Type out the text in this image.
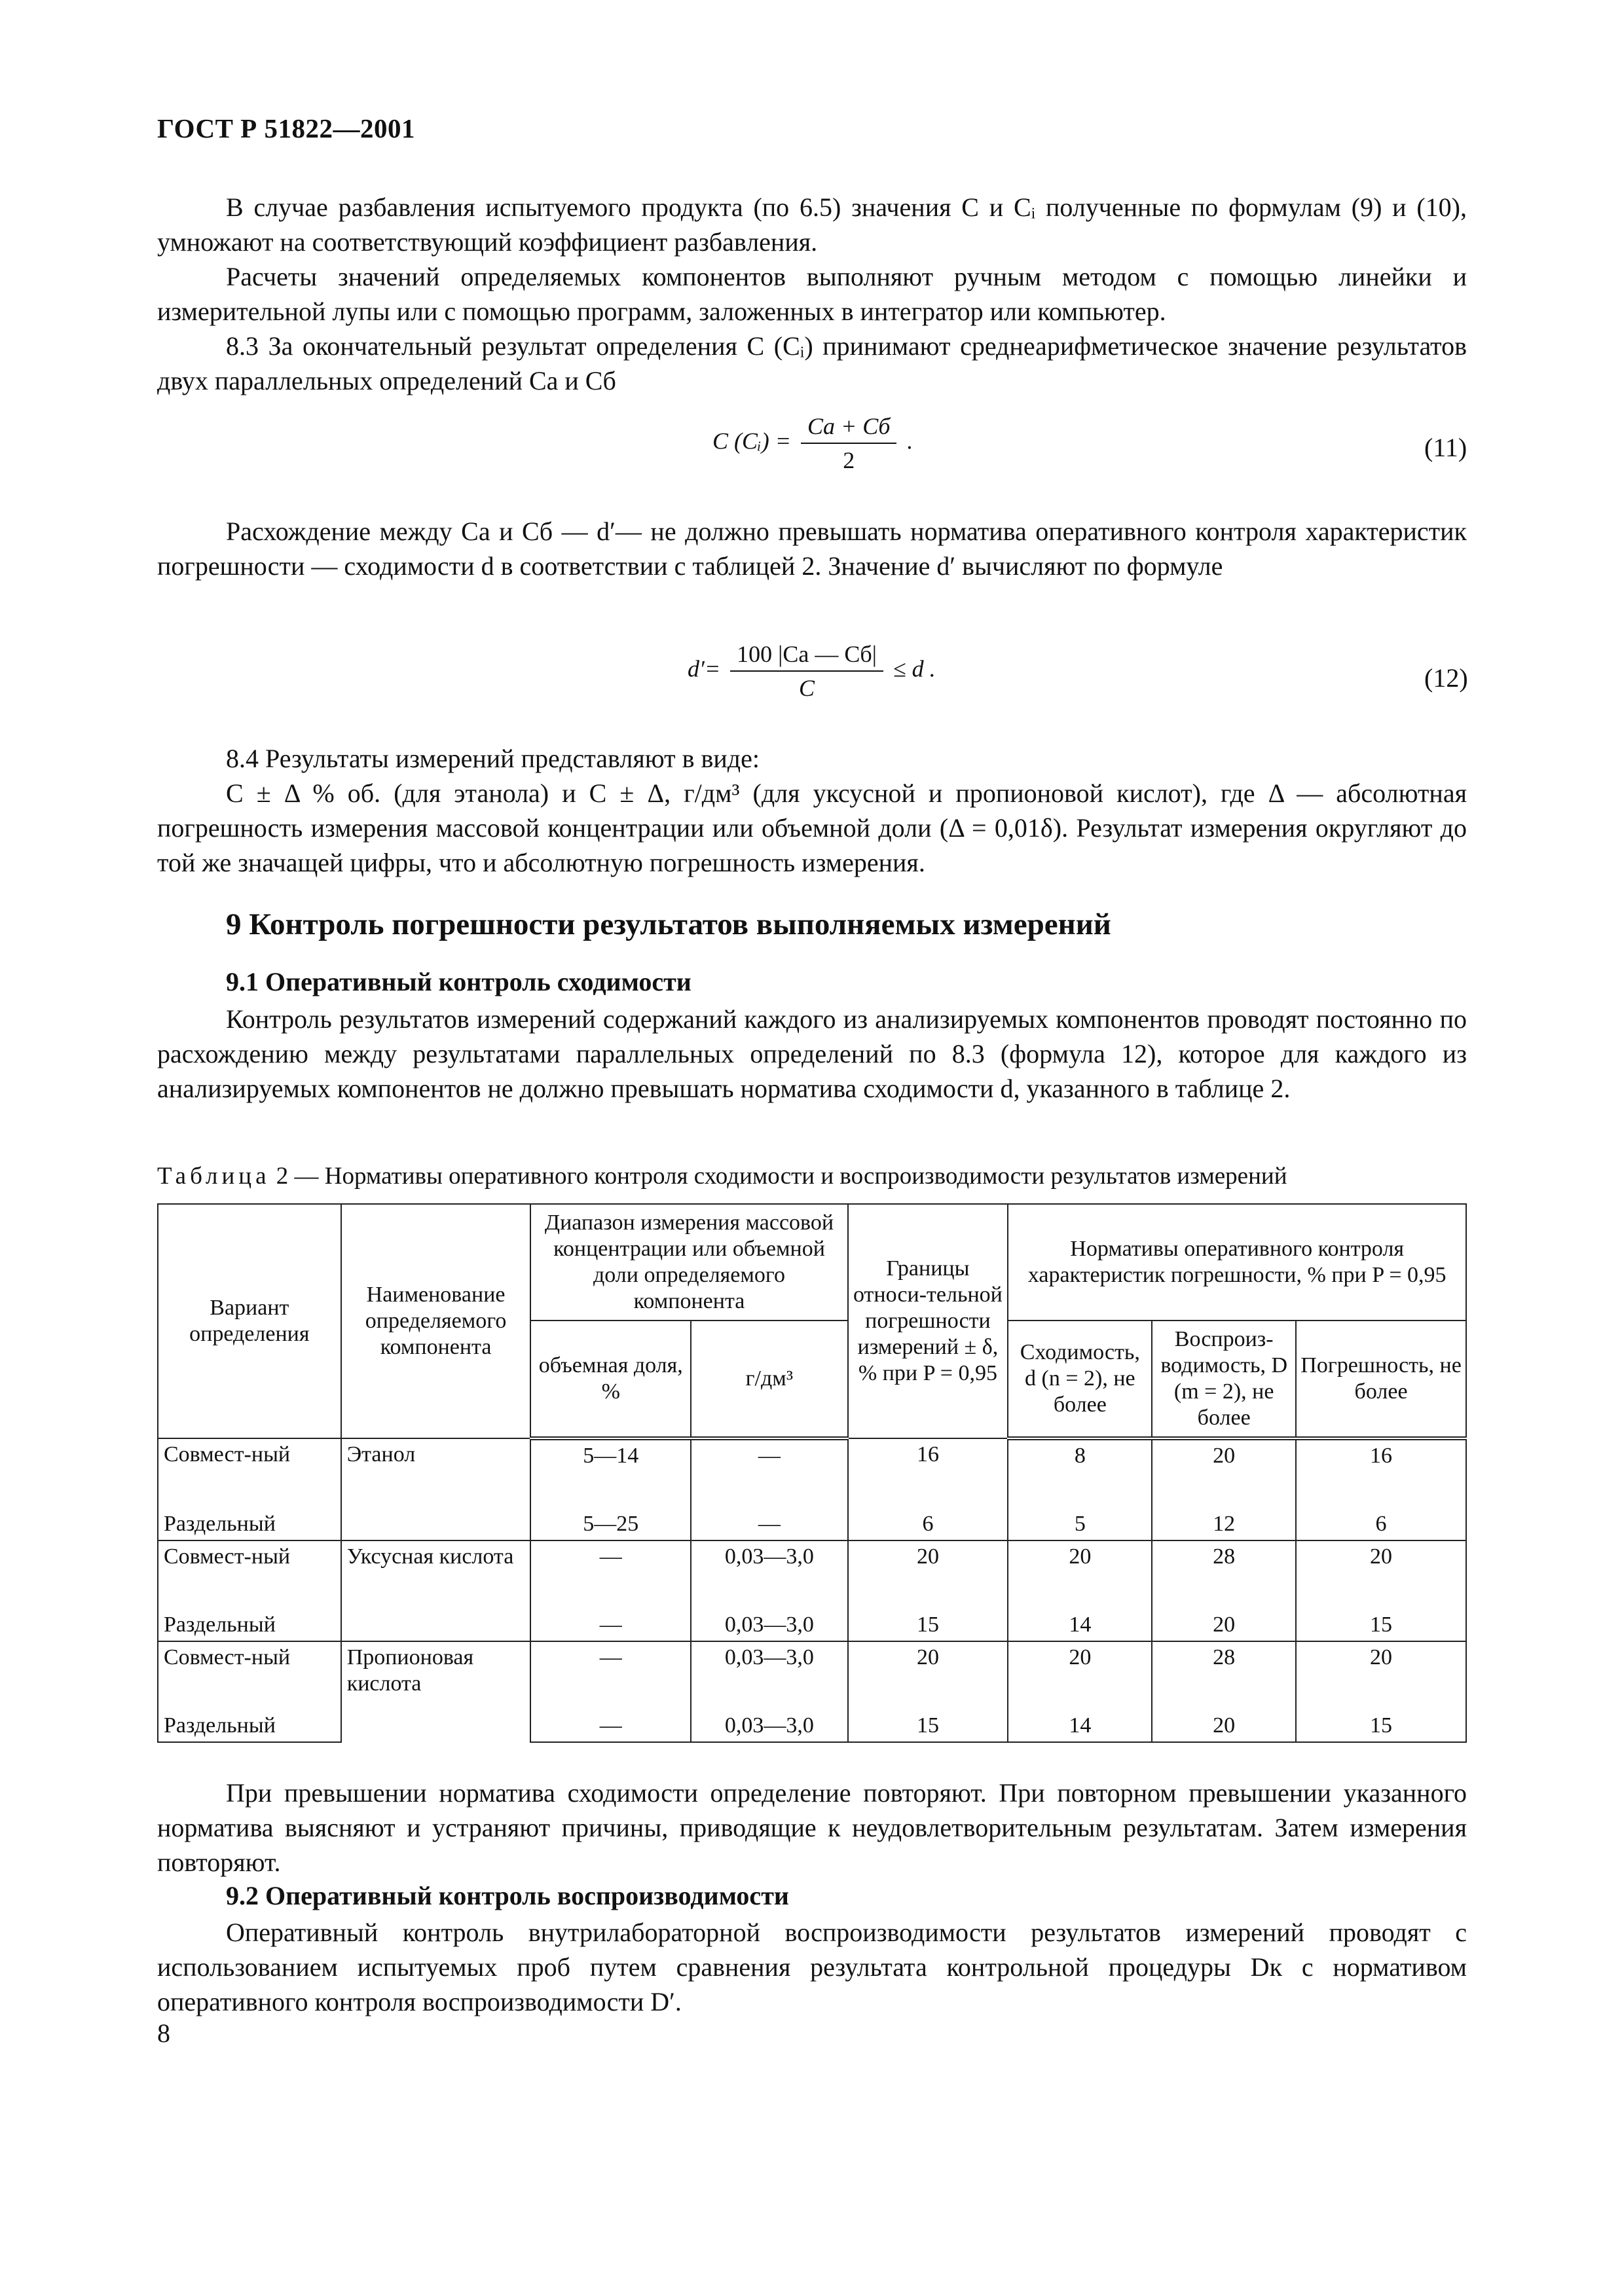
ГОСТ Р 51822—2001

В случае разбавления испытуемого продукта (по 6.5) значения C и Cᵢ полученные по формулам (9) и (10), умножают на соответствующий коэффициент разбавления.

Расчеты значений определяемых компонентов выполняют ручным методом с помощью линейки и измерительной лупы или с помощью программ, заложенных в интегратор или компьютер.

8.3 За окончательный результат определения C (Cᵢ) принимают среднеарифметическое значение результатов двух параллельных определений Cа и Cб

C (Cᵢ) = $\frac{Cа + Cб}{2}$ .	(11)

Расхождение между Cа и Cб — d′— не должно превышать норматива оперативного контроля характеристик погрешности — сходимости d в соответствии с таблицей 2. Значение d′ вычисляют по формуле

$d'= \frac{100 |Cа — Cб|}{C} \le d$ .	(12)

8.4 Результаты измерений представляют в виде:

C ± Δ % об. (для этанола) и C ± Δ, г/дм³ (для уксусной и пропионовой кислот), где Δ — абсолютная погрешность измерения массовой концентрации или объемной доли (Δ = 0,01δ). Результат измерения округляют до той же значащей цифры, что и абсолютную погрешность измерения.

9 Контроль погрешности результатов выполняемых измерений
9.1 Оперативный контроль сходимости

Контроль результатов измерений содержаний каждого из анализируемых компонентов проводят постоянно по расхождению между результатами параллельных определений по 8.3 (формула 12), которое для каждого из анализируемых компонентов не должно превышать норматива сходимости d, указанного в таблице 2.

Таблица 2 — Нормативы оперативного контроля сходимости и воспроизводимости результатов измерений
Вариант определения	Наименование определяемого компонента	Диапазон измерения массовой концентрации или объемной доли определяемого компонента		Границы относи-тельной погрешности измерений ± δ, % при P = 0,95	Нормативы оперативного контроля характеристик погрешности, % при P = 0,95		
		объемная доля, %	г/дм³		Сходимость, d (n = 2), не более	Воспроиз-водимость, D (m = 2), не более	Погрешность, не более
Совмест-ный	Этанол	5—14	—	16	8	20	16
Раздельный		5—25	—	6	5	12	6
Совмест-ный	Уксусная кислота	—	0,03—3,0	20	20	28	20
Раздельный		—	0,03—3,0	15	14	20	15
Совмест-ный	Пропионовая кислота	—	0,03—3,0	20	20	28	20
Раздельный		—	0,03—3,0	15	14	20	15

При превышении норматива сходимости определение повторяют. При повторном превышении указанного норматива выясняют и устраняют причины, приводящие к неудовлетворительным результатам. Затем измерения повторяют.

9.2 Оперативный контроль воспроизводимости

Оперативный контроль внутрилабораторной воспроизводимости результатов измерений проводят с использованием испытуемых проб путем сравнения результата контрольной процедуры Dк с нормативом оперативного контроля воспроизводимости D′.

8
